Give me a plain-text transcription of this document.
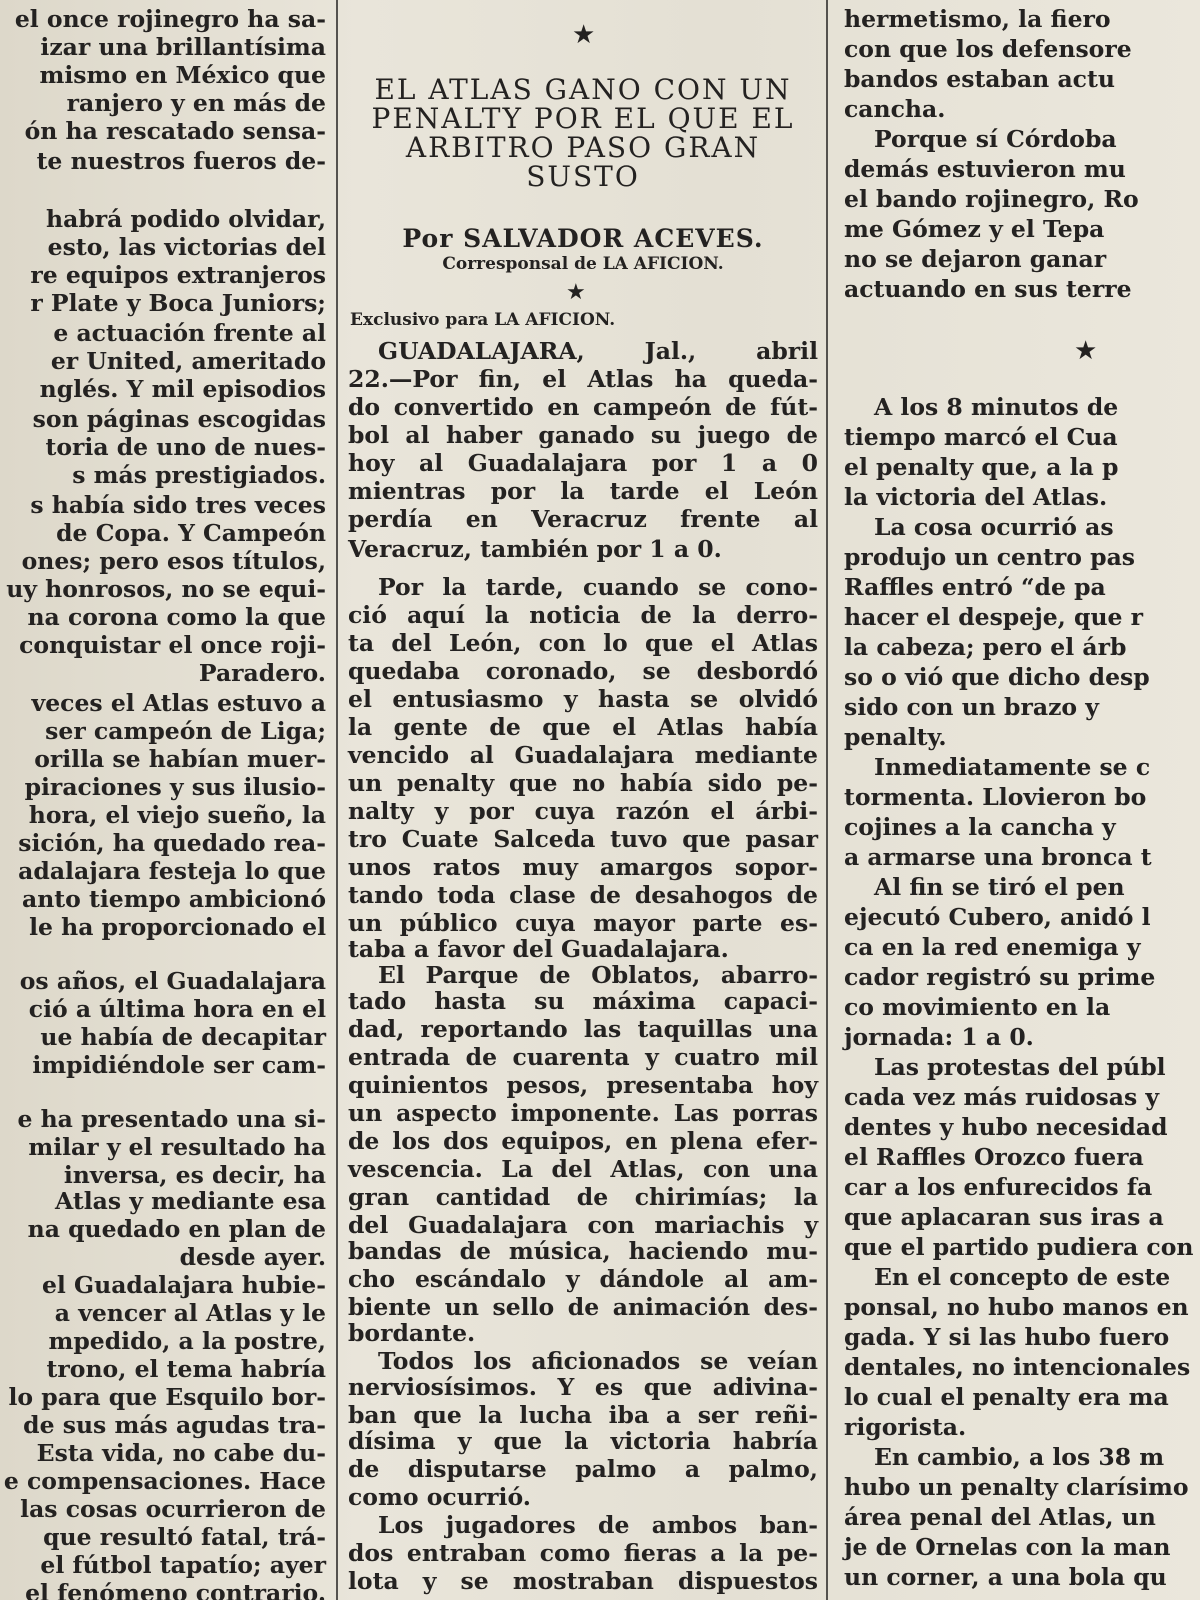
el once rojinegro ha sa-

izar una brillantísima

mismo en México que

ranjero y en más de

ón ha rescatado sensa-

te nuestros fueros de-

habrá podido olvidar,

esto, las victorias del

re equipos extranjeros

r Plate y Boca Juniors;

e actuación frente al

er United, ameritado

nglés. Y mil episodios

son páginas escogidas

toria de uno de nues-

s más prestigiados.

s había sido tres veces

de Copa. Y Campeón

ones; pero esos títulos,

uy honrosos, no se equi-

na corona como la que

conquistar el once roji-

Paradero.

veces el Atlas estuvo a

ser campeón de Liga;

orilla se habían muer-

piraciones y sus ilusio-

hora, el viejo sueño, la

sición, ha quedado rea-

adalajara festeja lo que

anto tiempo ambicionó

le ha proporcionado el

os años, el Guadalajara

ció a última hora en el

ue había de decapitar

impidiéndole ser cam-

e ha presentado una si-

milar y el resultado ha

inversa, es decir, ha

Atlas y mediante esa

na quedado en plan de

desde ayer.

el Guadalajara hubie-

a vencer al Atlas y le

mpedido, a la postre,

trono, el tema habría

lo para que Esquilo bor-

de sus más agudas tra-

Esta vida, no cabe du-

e compensaciones. Hace

las cosas ocurrieron de

que resultó fatal, trá-

el fútbol tapatío; ayer

el fenómeno contrario.

★

EL ATLAS GANO CON UN

PENALTY POR EL QUE EL

ARBITRO PASO GRAN

SUSTO

Por SALVADOR ACEVES.
Corresponsal de LA AFICION.
★
Exclusivo para LA AFICION.

GUADALAJARA, Jal., abril

22.—Por fin, el Atlas ha queda-

do convertido en campeón de fút-

bol al haber ganado su juego de

hoy al Guadalajara por 1 a 0

mientras por la tarde el León

perdía en Veracruz frente al

Veracruz, también por 1 a 0.

Por la tarde, cuando se cono-

ció aquí la noticia de la derro-

ta del León, con lo que el Atlas

quedaba coronado, se desbordó

el entusiasmo y hasta se olvidó

la gente de que el Atlas había

vencido al Guadalajara mediante

un penalty que no había sido pe-

nalty y por cuya razón el árbi-

tro Cuate Salceda tuvo que pasar

unos ratos muy amargos sopor-

tando toda clase de desahogos de

un público cuya mayor parte es-

taba a favor del Guadalajara.

El Parque de Oblatos, abarro-

tado hasta su máxima capaci-

dad, reportando las taquillas una

entrada de cuarenta y cuatro mil

quinientos pesos, presentaba hoy

un aspecto imponente. Las porras

de los dos equipos, en plena efer-

vescencia. La del Atlas, con una

gran cantidad de chirimías; la

del Guadalajara con mariachis y

bandas de música, haciendo mu-

cho escándalo y dándole al am-

biente un sello de animación des-

bordante.

Todos los aficionados se veían

nerviosísimos. Y es que adivina-

ban que la lucha iba a ser reñi-

dísima y que la victoria habría

de disputarse palmo a palmo,

como ocurrió.

Los jugadores de ambos ban-

dos entraban como fieras a la pe-

lota y se mostraban dispuestos

★

hermetismo, la fiero

con que los defensore

bandos estaban actu

cancha.

Porque sí Córdoba

demás estuvieron mu

el bando rojinegro, Ro

me Gómez y el Tepa

no se dejaron ganar

actuando en sus terre

A los 8 minutos de

tiempo marcó el Cua

el penalty que, a la p

la victoria del Atlas.

La cosa ocurrió as

produjo un centro pas

Raffles entró “de pa

hacer el despeje, que r

la cabeza; pero el árb

so o vió que dicho desp

sido con un brazo y

penalty.

Inmediatamente se c

tormenta. Llovieron bo

cojines a la cancha y

a armarse una bronca t

Al fin se tiró el pen

ejecutó Cubero, anidó l

ca en la red enemiga y

cador registró su prime

co movimiento en la

jornada: 1 a 0.

Las protestas del públ

cada vez más ruidosas y

dentes y hubo necesidad

el Raffles Orozco fuera

car a los enfurecidos fa

que aplacaran sus iras a

que el partido pudiera con

En el concepto de este

ponsal, no hubo manos en

gada. Y si las hubo fuero

dentales, no intencionales

lo cual el penalty era ma

rigorista.

En cambio, a los 38 m

hubo un penalty clarísimo

área penal del Atlas, un

je de Ornelas con la man

un corner, a una bola qu
